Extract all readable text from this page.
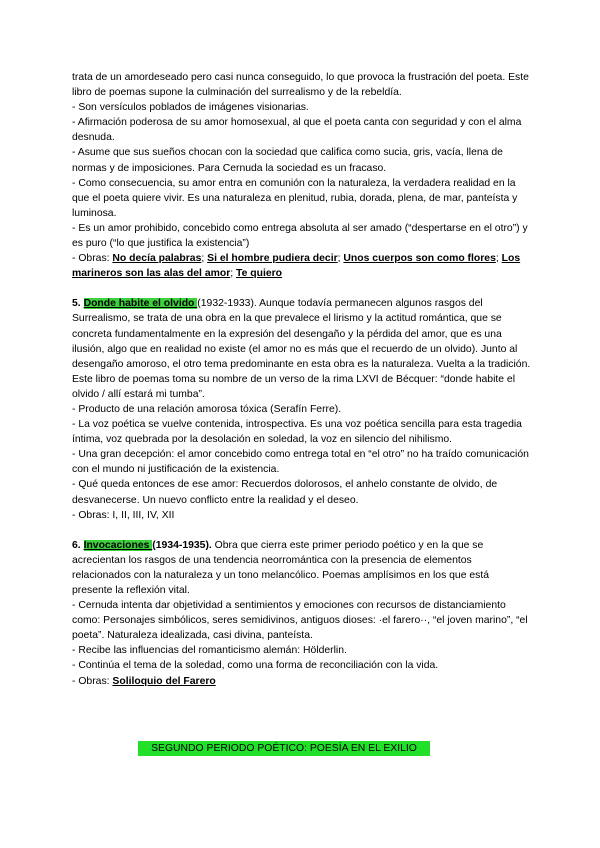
trata de un amordeseado pero casi nunca conseguido, lo que provoca la frustración del poeta. Este libro de poemas supone la culminación del surrealismo y de la rebeldía.

- Son versículos poblados de imágenes visionarias.

- Afirmación poderosa de su amor homosexual, al que el poeta canta con seguridad y con el alma desnuda.

- Asume que sus sueños chocan con la sociedad que califica como sucia, gris, vacía, llena de normas y de imposiciones. Para Cernuda la sociedad es un fracaso.

- Como consecuencia, su amor entra en comunión con la naturaleza, la verdadera realidad en la que el poeta quiere vivir. Es una naturaleza en plenitud, rubia, dorada, plena, de mar, panteísta y luminosa.

- Es un amor prohibido, concebido como entrega absoluta al ser amado (“despertarse en el otro”) y es puro (“lo que justifica la existencia”)

- Obras: No decía palabras; Si el hombre pudiera decir; Unos cuerpos son como flores; Los marineros son las alas del amor; Te quiero

5. Donde habite el olvido (1932-1933). Aunque todavía permanecen algunos rasgos del Surrealismo, se trata de una obra en la que prevalece el lirismo y la actitud romántica, que se concreta fundamentalmente en la expresión del desengaño y la pérdida del amor, que es una ilusión, algo que en realidad no existe (el amor no es más que el recuerdo de un olvido). Junto al desengaño amoroso, el otro tema predominante en esta obra es la naturaleza. Vuelta a la tradición. Este libro de poemas toma su nombre de un verso de la rima LXVI de Bécquer: “donde habite el olvido / allí estará mi tumba”.

- Producto de una relación amorosa tóxica (Serafín Ferre).

- La voz poética se vuelve contenida, introspectiva. Es una voz poética sencilla para esta tragedia íntima, voz quebrada por la desolación en soledad, la voz en silencio del nihilismo.

- Una gran decepción: el amor concebido como entrega total en “el otro” no ha traído comunicación con el mundo ni justificación de la existencia.

- Qué queda entonces de ese amor: Recuerdos dolorosos, el anhelo constante de olvido, de desvanecerse. Un nuevo conflicto entre la realidad y el deseo.

- Obras: I, II, III, IV, XII

6. Invocaciones (1934-1935). Obra que cierra este primer periodo poético y en la que se acrecientan los rasgos de una tendencia neorromántica con la presencia de elementos relacionados con la naturaleza y un tono melancólico. Poemas amplísimos en los que está presente la reflexión vital.

- Cernuda intenta dar objetividad a sentimientos y emociones con recursos de distanciamiento como: Personajes simbólicos, seres semidivinos, antiguos dioses: ·el farero··, “el joven marino”, “el poeta”. Naturaleza idealizada, casi divina, panteísta.

- Recibe las influencias del romanticismo alemán: Hölderlin.

- Continúa el tema de la soledad, como una forma de reconciliación con la vida.

- Obras: Soliloquio del Farero

SEGUNDO PERIODO POÉTICO: POESÍA EN EL EXILIO
